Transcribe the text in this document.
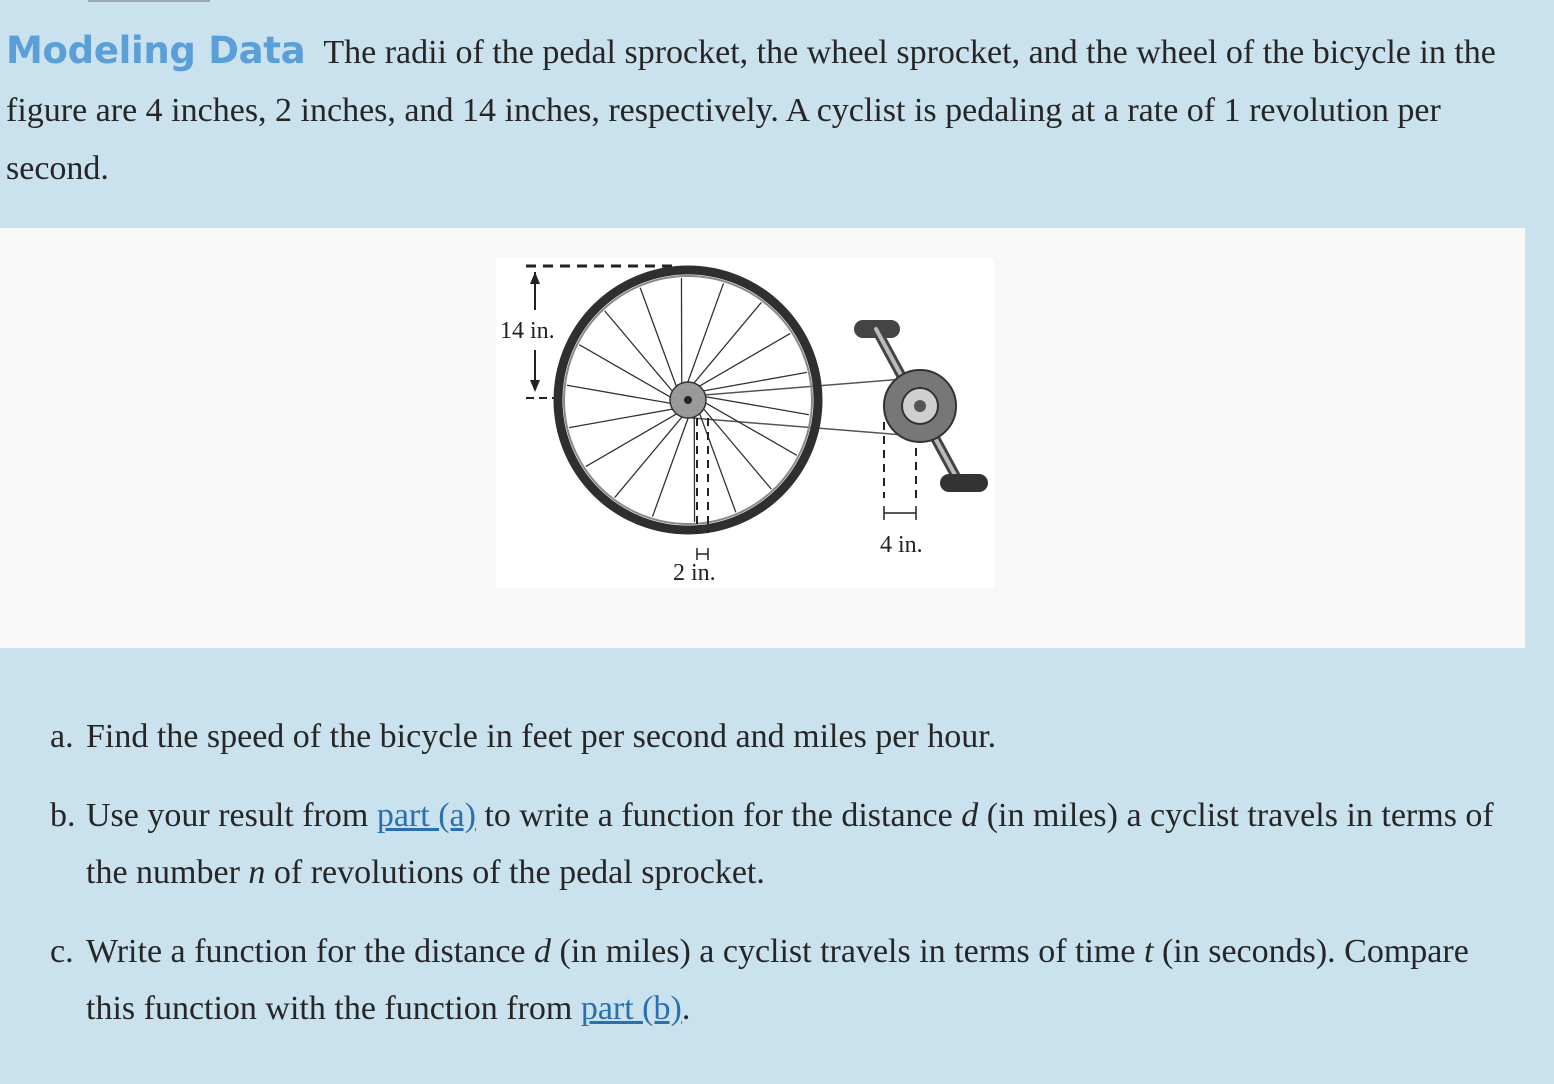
Modeling Data The radii of the pedal sprocket, the wheel sprocket, and the wheel of the bicycle in the figure are 4 inches, 2 inches, and 14 inches, respectively. A cyclist is pedaling at a rate of 1 revolution per second.
14 in.
2 in.
4 in.
a. Find the speed of the bicycle in feet per second and miles per hour.
b. Use your result from part (a) to write a function for the distance d (in miles) a cyclist travels in terms of the number n of revolutions of the pedal sprocket.
c. Write a function for the distance d (in miles) a cyclist travels in terms of time t (in seconds). Compare this function with the function from part (b).
